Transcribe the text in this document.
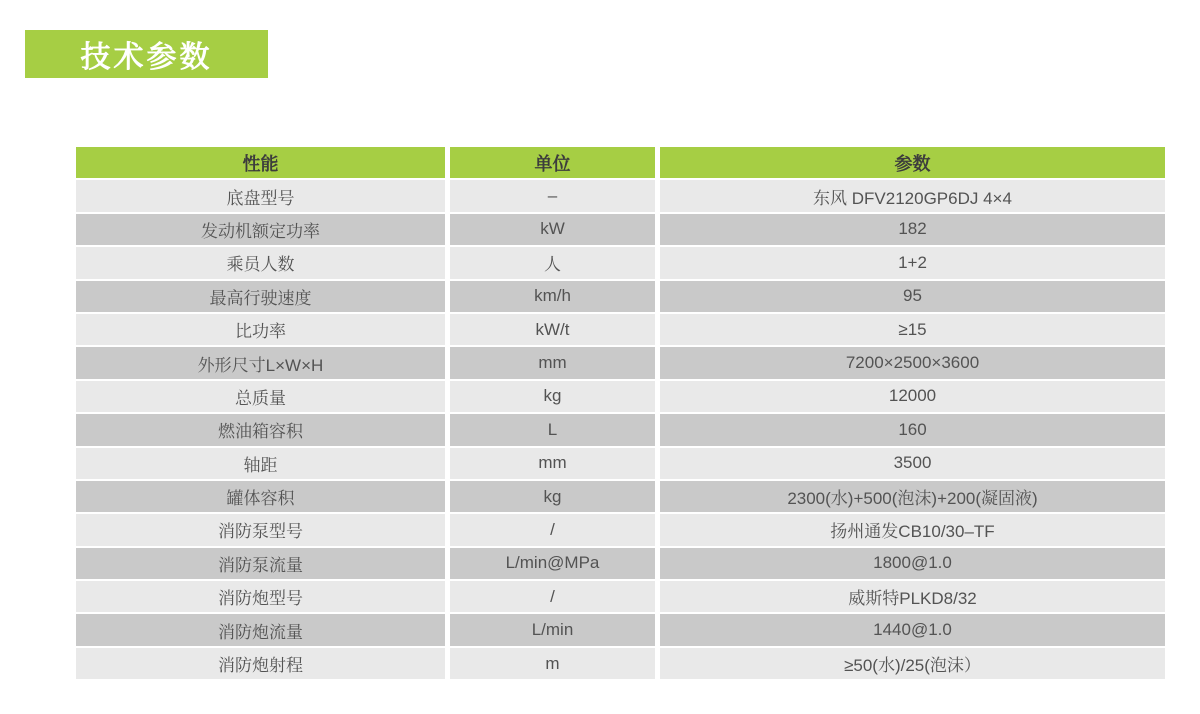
技术参数
性能	单位	参数
底盘型号	–	东风 DFV2120GP6DJ 4×4
发动机额定功率	kW	182
乘员人数	人	1+2
最高行驶速度	km/h	95
比功率	kW/t	≥15
外形尺寸L×W×H	mm	7200×2500×3600
总质量	kg	12000
燃油箱容积	L	160
轴距	mm	3500
罐体容积	kg	2300(水)+500(泡沫)+200(凝固液)
消防泵型号	/	扬州通发CB10/30–TF
消防泵流量	L/min@MPa	1800@1.0
消防炮型号	/	威斯特PLKD8/32
消防炮流量	L/min	1440@1.0
消防炮射程	m	≥50(水)/25(泡沫）
